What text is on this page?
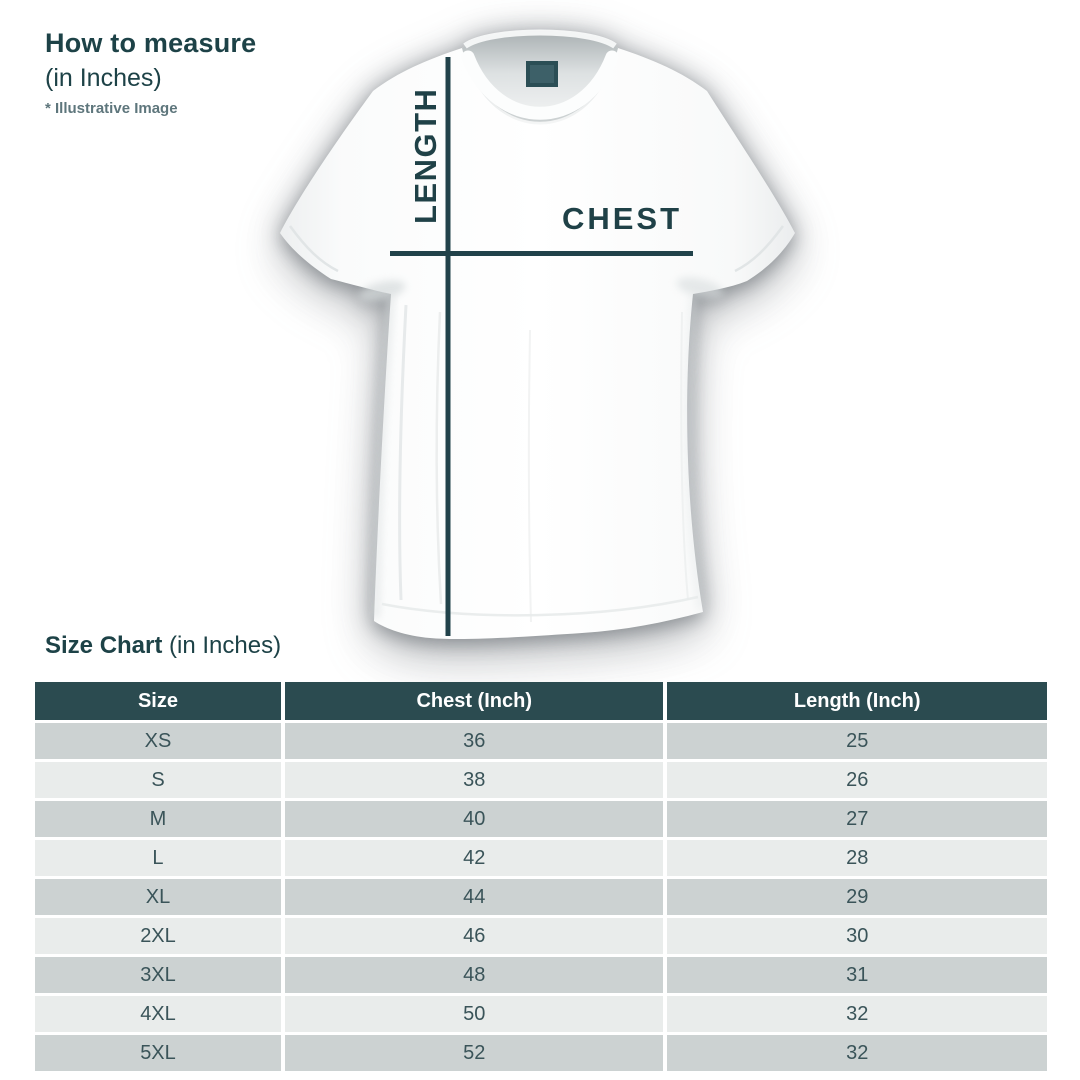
How to measure
(in Inches)
* Illustrative Image	LENGTH	CHEST
Size Chart (in Inches)
Size	Chest (Inch)	Length (Inch)
XS	36	25
S	38	26
M	40	27
L	42	28
XL	44	29
2XL	46	30
3XL	48	31
4XL	50	32
5XL	52	32
